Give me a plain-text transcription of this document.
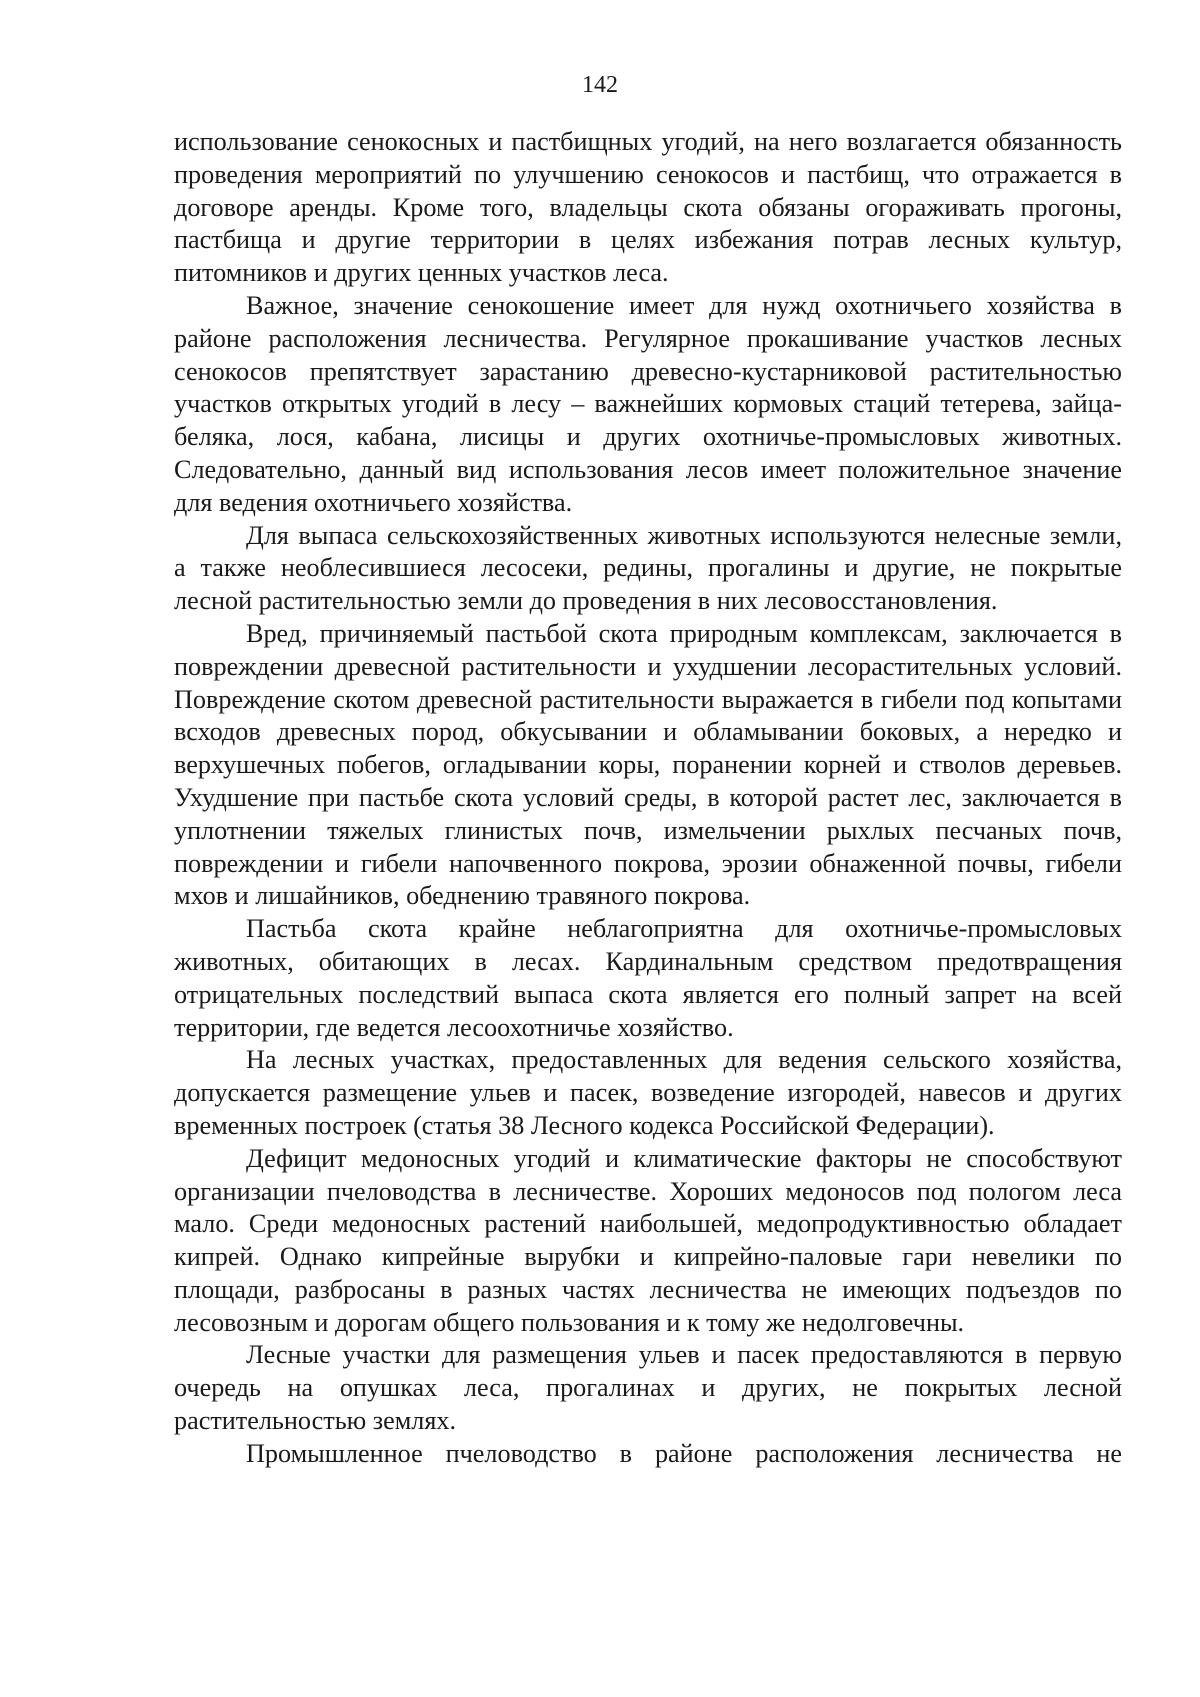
142

использование сенокосных и пастбищных угодий, на него возлагается обязанность проведения мероприятий по улучшению сенокосов и пастбищ, что отражается в договоре аренды. Кроме того, владельцы скота обязаны огораживать прогоны, пастбища и другие территории в целях избежания потрав лесных культур, питомников и других ценных участков леса.

Важное, значение сенокошение имеет для нужд охотничьего хозяйства в районе расположения лесничества. Регулярное прокашивание участков лесных сенокосов препятствует зарастанию древесно-кустарниковой растительностью участков открытых угодий в лесу – важнейших кормовых стаций тетерева, зайца-беляка, лося, кабана, лисицы и других охотничье-промысловых животных. Следовательно, данный вид использования лесов имеет положительное значение для ведения охотничьего хозяйства.

Для выпаса сельскохозяйственных животных используются нелесные земли, а также необлесившиеся лесосеки, редины, прогалины и другие, не покрытые лесной растительностью земли до проведения в них лесовосстановления.

Вред, причиняемый пастьбой скота природным комплексам, заключается в повреждении древесной растительности и ухудшении лесорастительных условий. Повреждение скотом древесной растительности выражается в гибели под копытами всходов древесных пород, обкусывании и обламывании боковых, а нередко и верхушечных побегов, огладывании коры, поранении корней и стволов деревьев. Ухудшение при пастьбе скота условий среды, в которой растет лес, заключается в уплотнении тяжелых глинистых почв, измельчении рыхлых песчаных почв, повреждении и гибели напочвенного покрова, эрозии обнаженной почвы, гибели мхов и лишайников, обеднению травяного покрова.

Пастьба скота крайне неблагоприятна для охотничье-промысловых животных, обитающих в лесах. Кардинальным средством предотвращения отрицательных последствий выпаса скота является его полный запрет на всей территории, где ведется лесоохотничье хозяйство.

На лесных участках, предоставленных для ведения сельского хозяйства, допускается размещение ульев и пасек, возведение изгородей, навесов и других временных построек (статья 38 Лесного кодекса Российской Федерации).

Дефицит медоносных угодий и климатические факторы не способствуют организации пчеловодства в лесничестве. Хороших медоносов под пологом леса мало. Среди медоносных растений наибольшей, медопродуктивностью обладает кипрей. Однако кипрейные вырубки и кипрейно-паловые гари невелики по площади, разбросаны в разных частях лесничества не имеющих подъездов по лесовозным и дорогам общего пользования и к тому же недолговечны.

Лесные участки для размещения ульев и пасек предоставляются в первую очередь на опушках леса, прогалинах и других, не покрытых лесной растительностью землях.

Промышленное пчеловодство в районе расположения лесничества не
